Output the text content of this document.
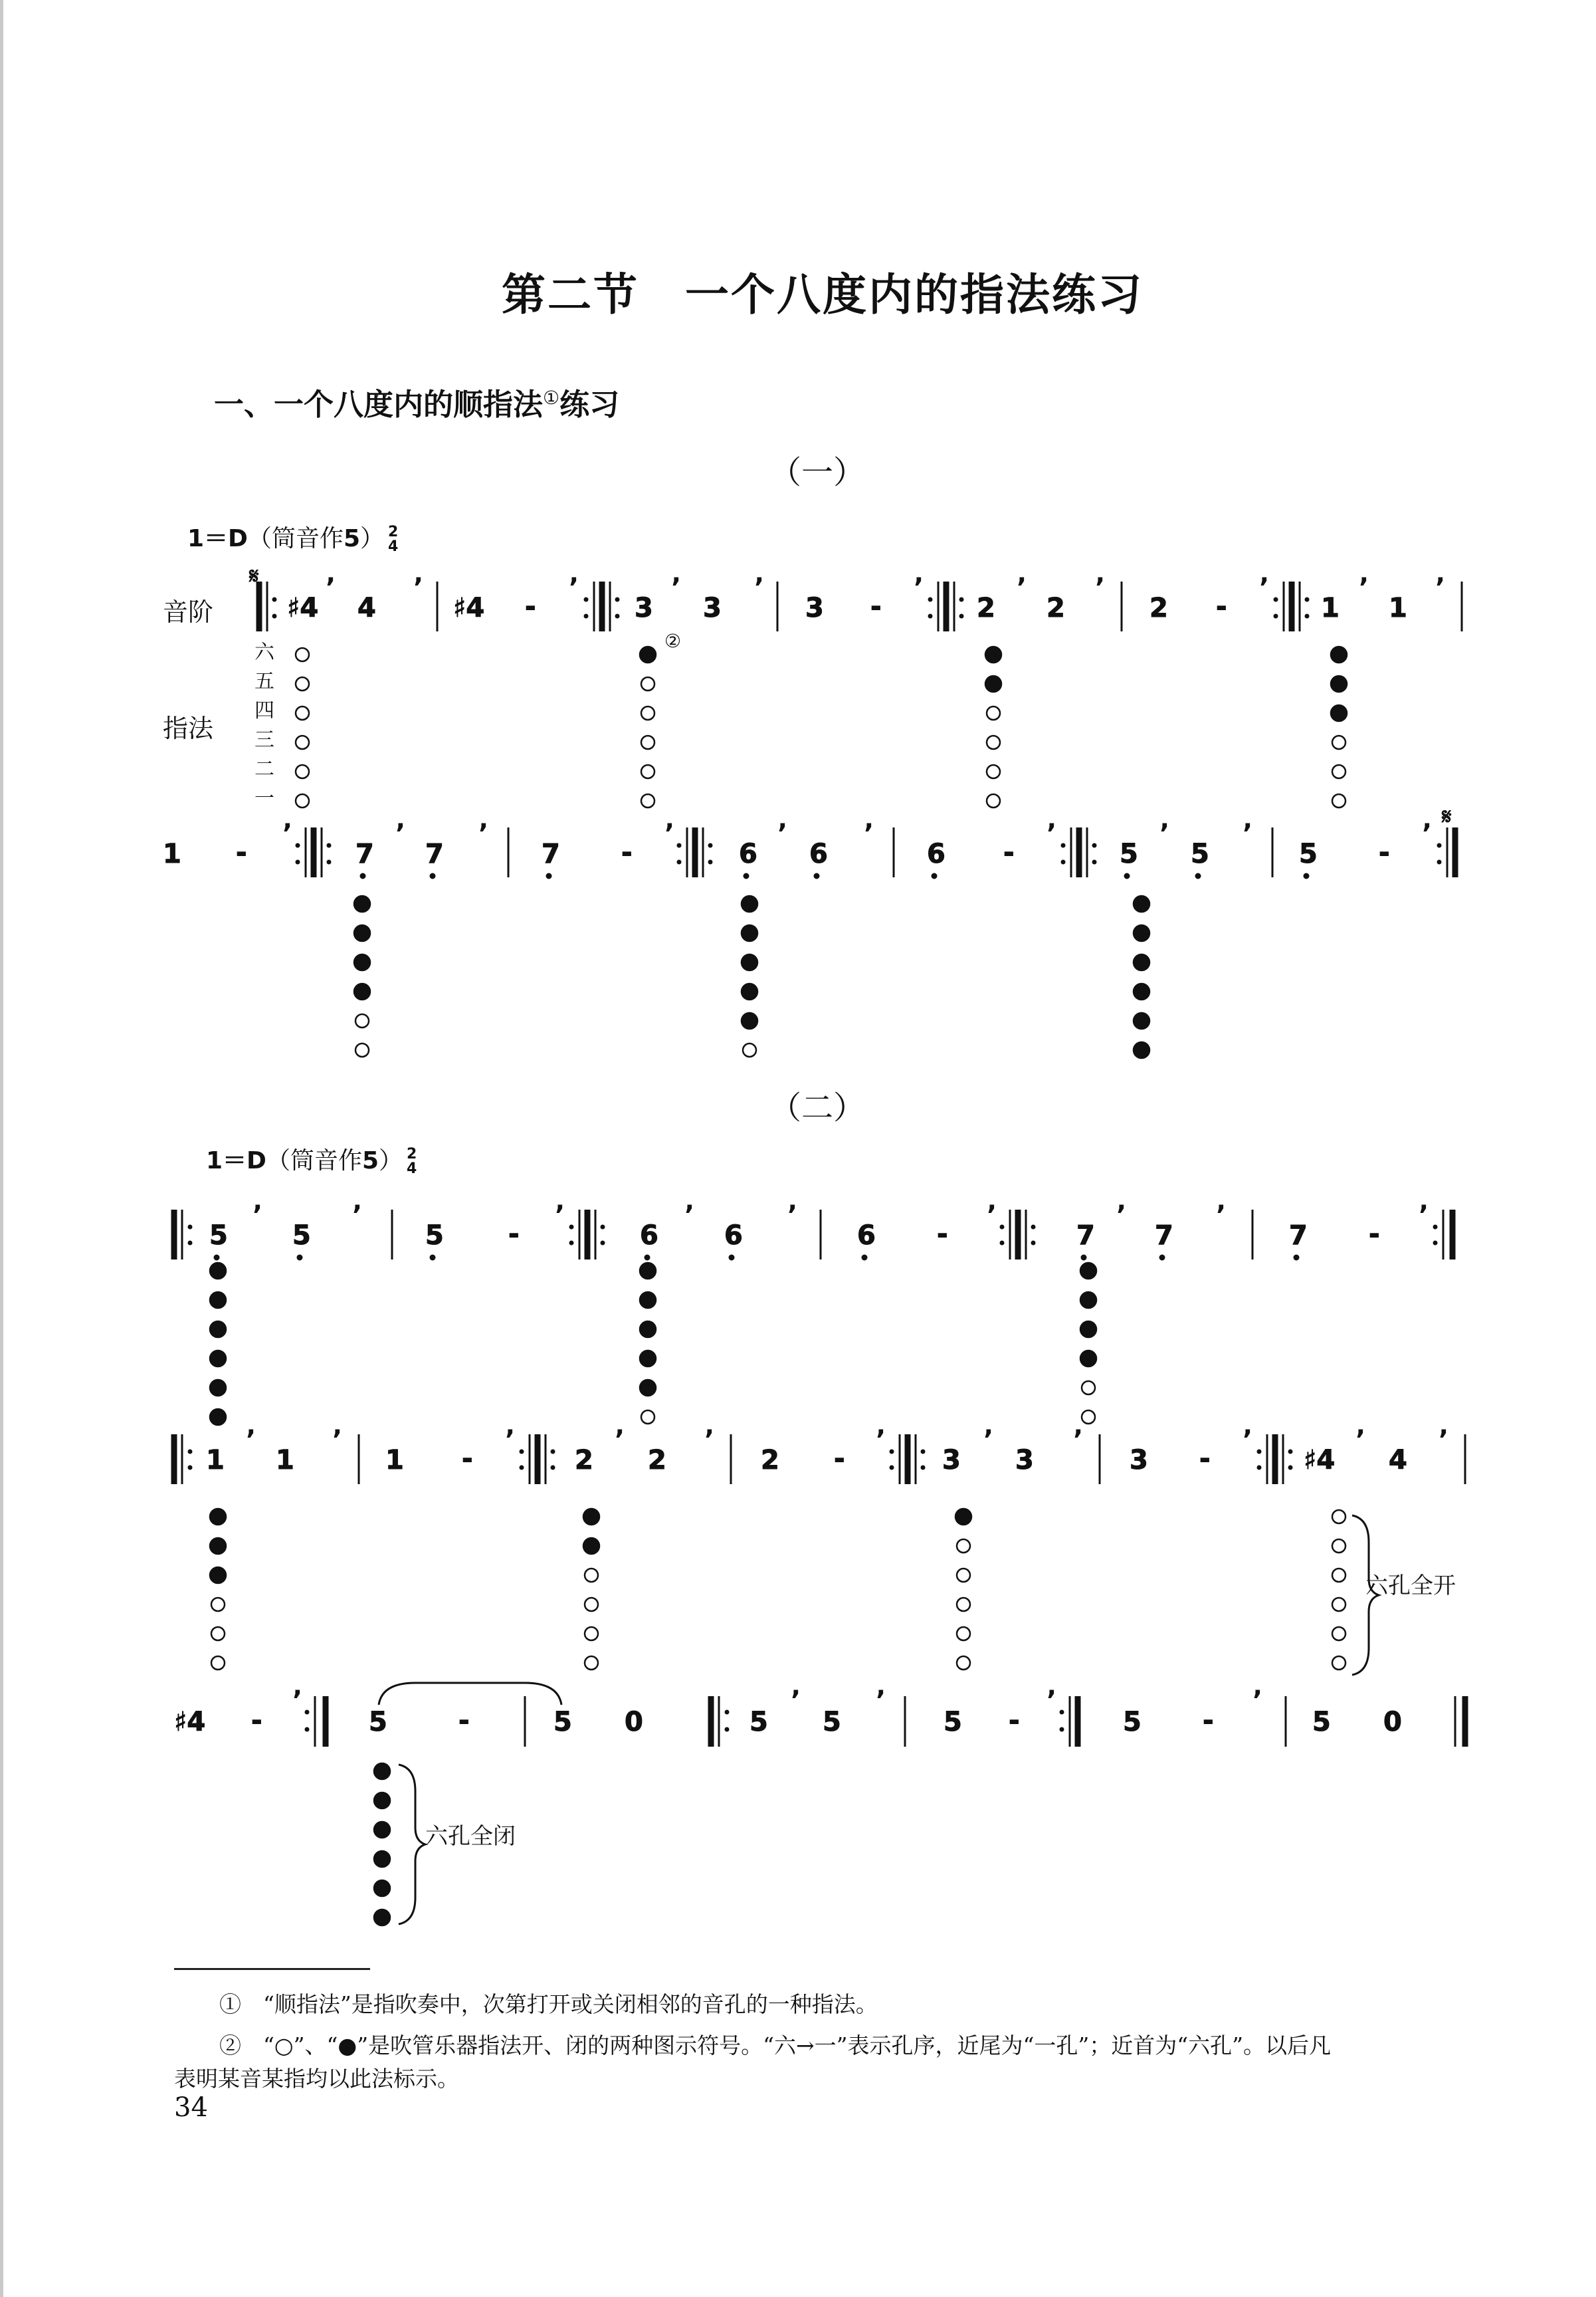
第二节　一个八度内的指法练习
一、一个八度内的顺指法①练习
（一）
1＝D（筒音作5） 2
4
音阶
指法
六
五
四
三
二
一
②
（二）
1＝D（筒音作5） 2
4
六孔全开
六孔全闭
♯4
’
4
’
♯4 -
’
3
’
3
’
3 -
’
2
’
2
’
2 -
’
1
’
1
’
1 -
’
7
’
7
’
7 -
’
6
’
6
’
6 -
’
5
’
5
’
5 -
’
𝄋
𝄋
5
’
5
’
5 -
’
6
’
6
’
6 -
’
7
’
7
’
7 -
’
1
’
1
’
1 -
’
2
’
2
’
2 -
’
3
’
3
’
3 -
’
♯4
’
4
’
♯4 -
’
5	-	5 0	5
’
5
’
5 -
’
5 -
’
5 0
①　“顺指法”是指吹奏中，次第打开或关闭相邻的音孔的一种指法。
②　“○”、“●”是吹管乐器指法开、闭的两种图示符号。“六→一”表示孔序，近尾为“一孔”；近首为“六孔”。以后凡
表明某音某指均以此法标示。
34
